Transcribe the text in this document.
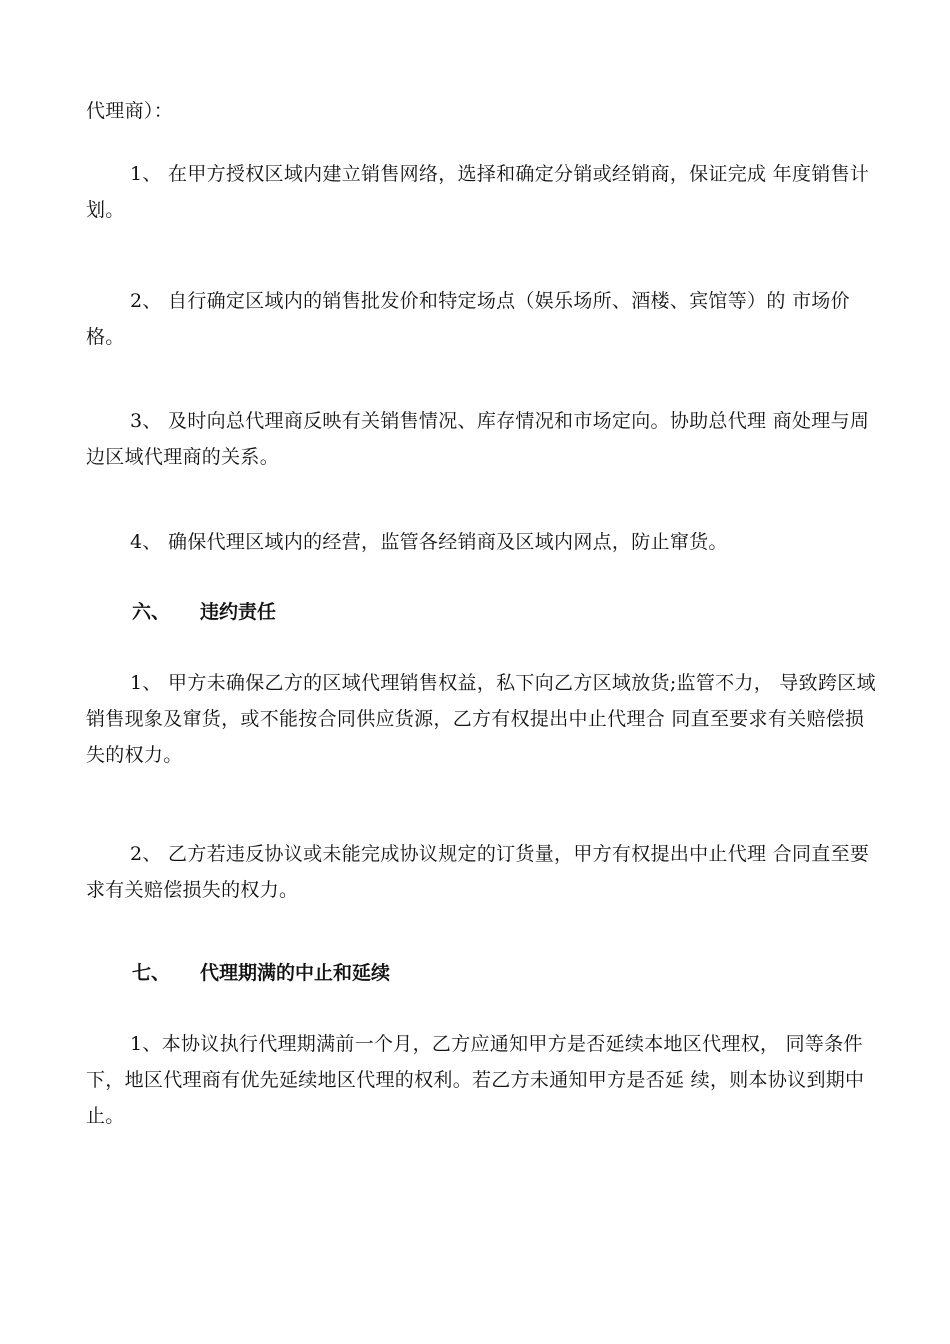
代理商）：
1、 在甲方授权区域内建立销售网络，选择和确定分销或经销商，保证完成 年度销售计划。
2、 自行确定区域内的销售批发价和特定场点（娱乐场所、酒楼、宾馆等）的 市场价格。
3、 及时向总代理商反映有关销售情况、库存情况和市场定向。协助总代理 商处理与周边区域代理商的关系。
4、 确保代理区域内的经营，监管各经销商及区域内网点，防止窜货。
六、 违约责任
1、 甲方未确保乙方的区域代理销售权益，私下向乙方区域放货;监管不力， 导致跨区域销售现象及窜货，或不能按合同供应货源，乙方有权提出中止代理合 同直至要求有关赔偿损失的权力。
2、 乙方若违反协议或未能完成协议规定的订货量，甲方有权提出中止代理 合同直至要求有关赔偿损失的权力。
七、 代理期满的中止和延续
1、本协议执行代理期满前一个月，乙方应通知甲方是否延续本地区代理权， 同等条件下，地区代理商有优先延续地区代理的权利。若乙方未通知甲方是否延 续，则本协议到期中止。
